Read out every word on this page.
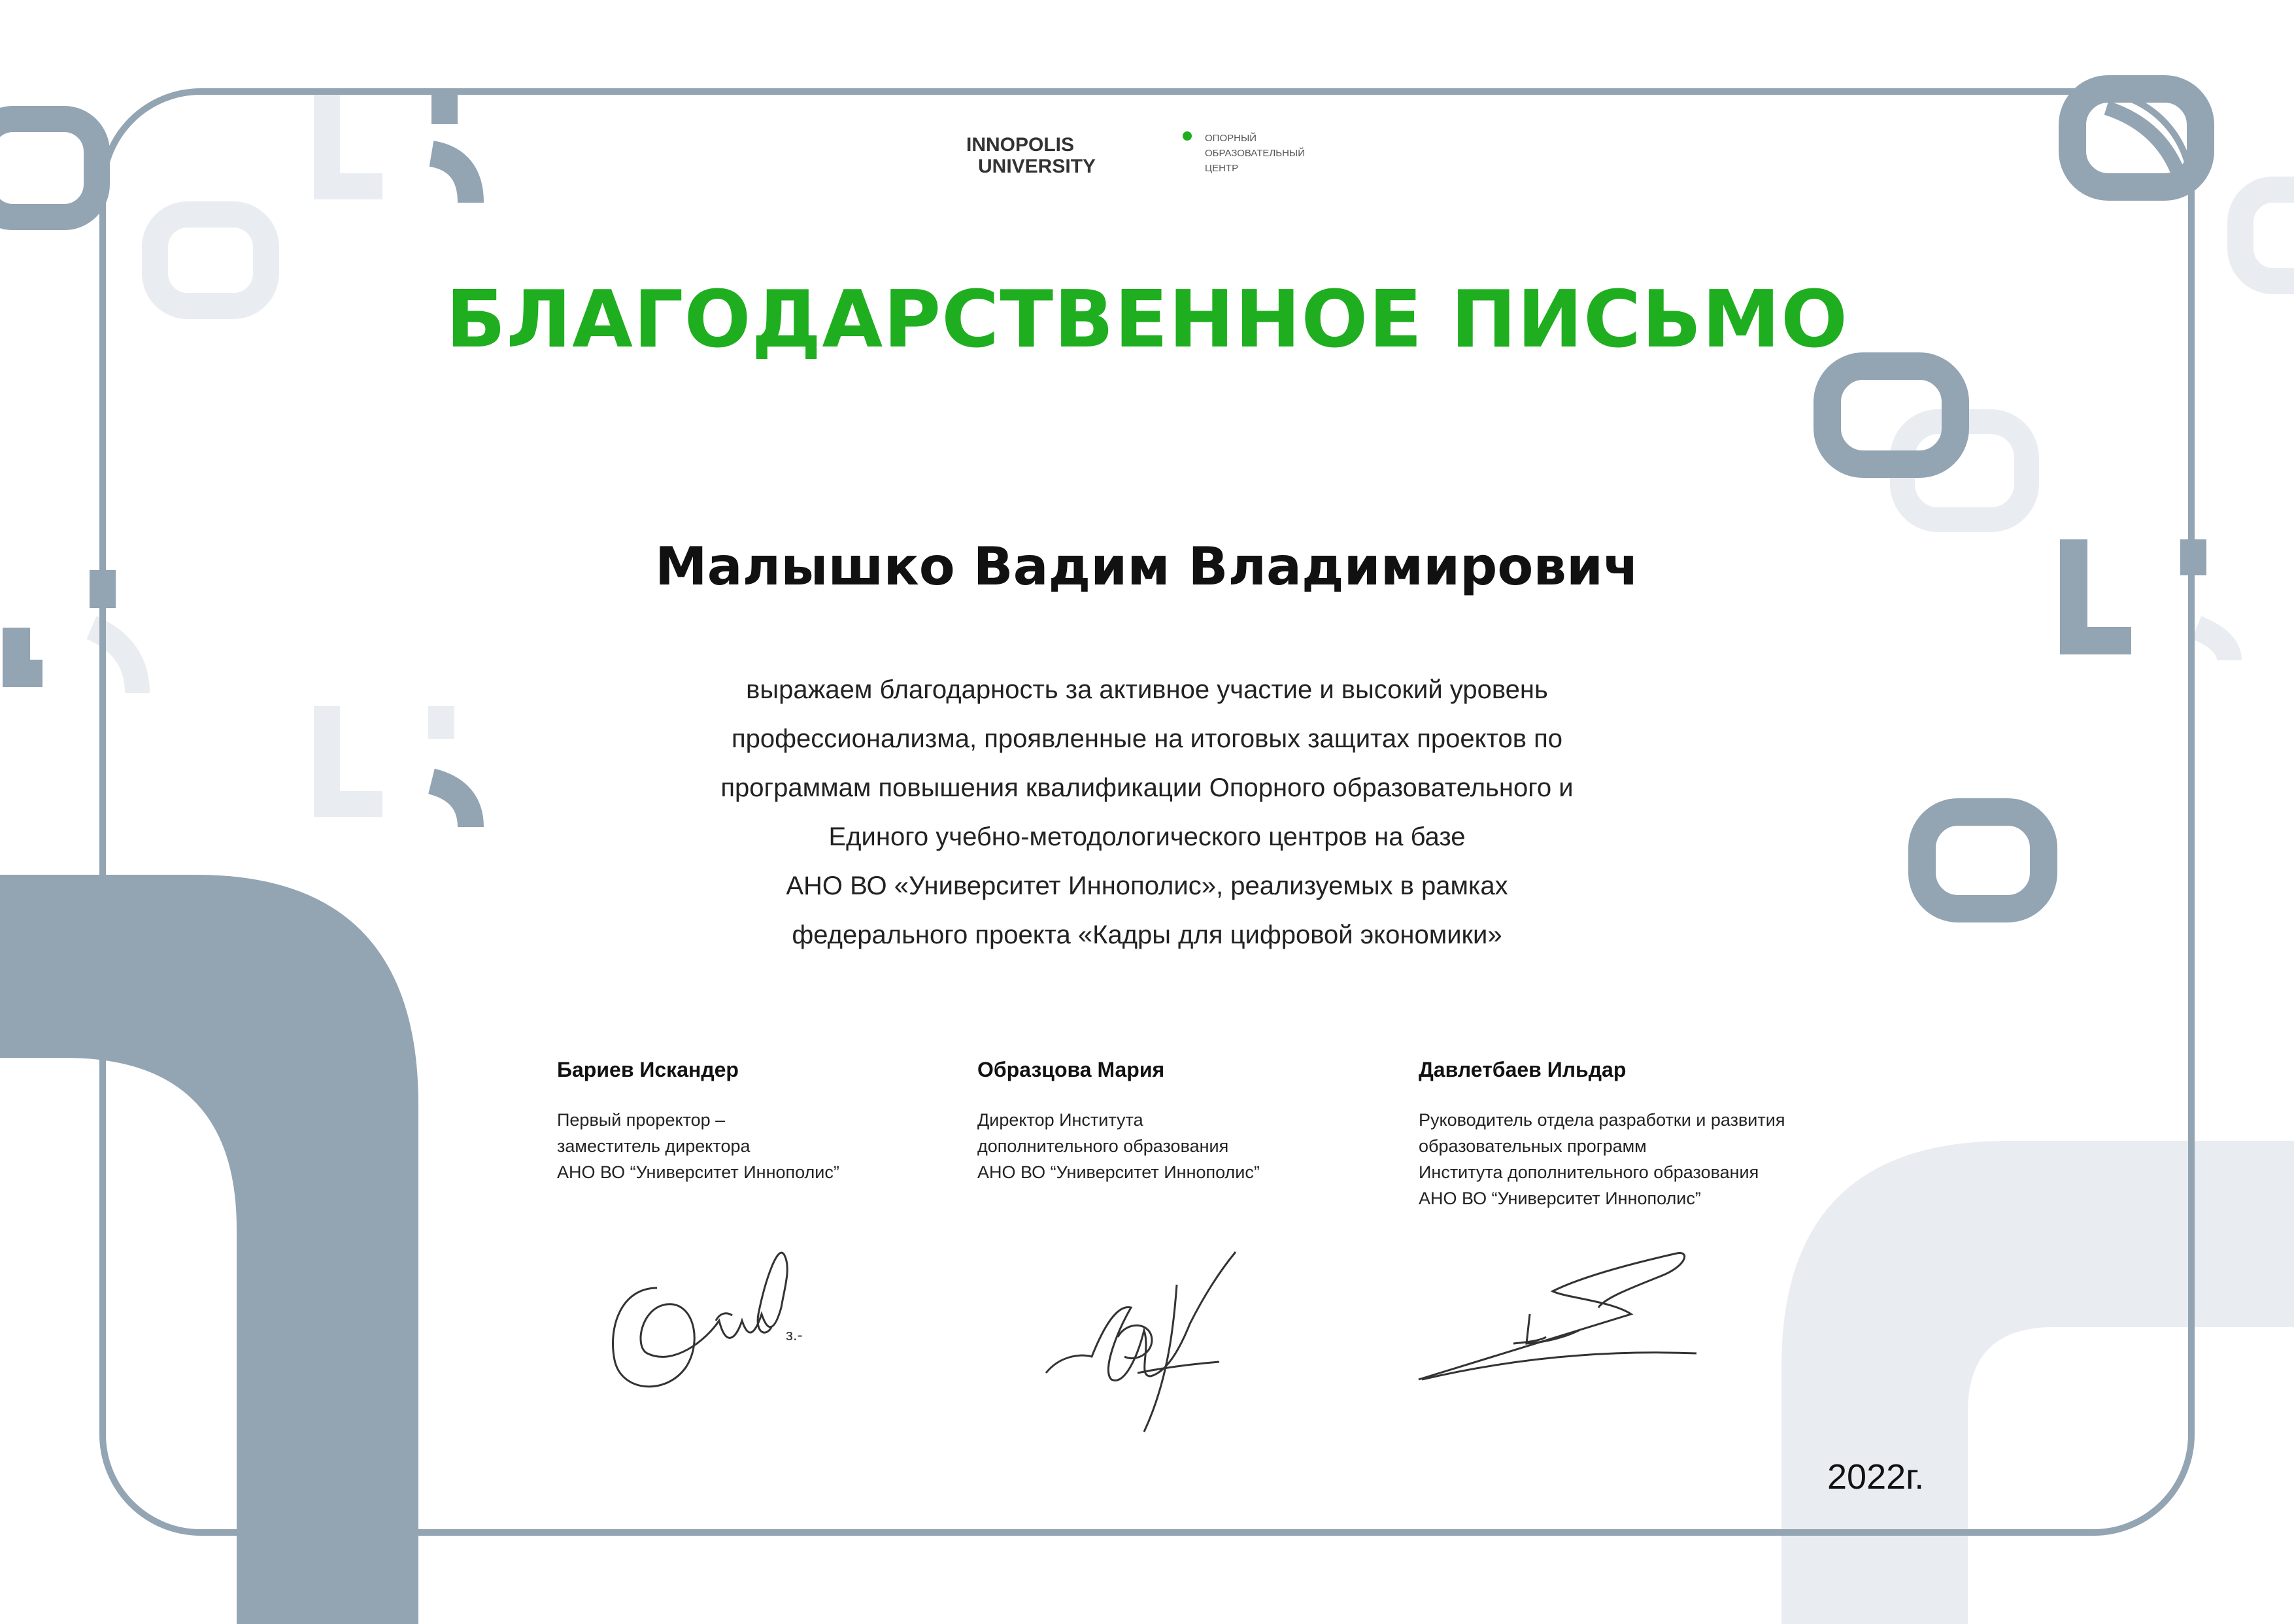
INNOPOLIS
UNIVERSITY
ОПОРНЫЙ
ОБРАЗОВАТЕЛЬНЫЙ
ЦЕНТР
БЛАГОДАРСТВЕННОЕ ПИСЬМО
Малышко Вадим Владимирович

выражаем благодарность за активное участие и высокий уровень
профессионализма, проявленные на итоговых защитах проектов по
программам повышения квалификации Опорного образовательного и
Единого учебно-методологического центров на базе
АНО ВО «Университет Иннополис», реализуемых в рамках
федерального проекта «Кадры для цифровой экономики»

Бариев Искандер
Первый проректор –
заместитель директора
АНО ВО “Университет Иннополис”
Образцова Мария
Директор Института
дополнительного образования
АНО ВО “Университет Иннополис”
Давлетбаев Ильдар
Руководитель отдела разработки и развития
образовательных программ
Института дополнительного образования
АНО ВО “Университет Иннополис”
з.-
2022г.
